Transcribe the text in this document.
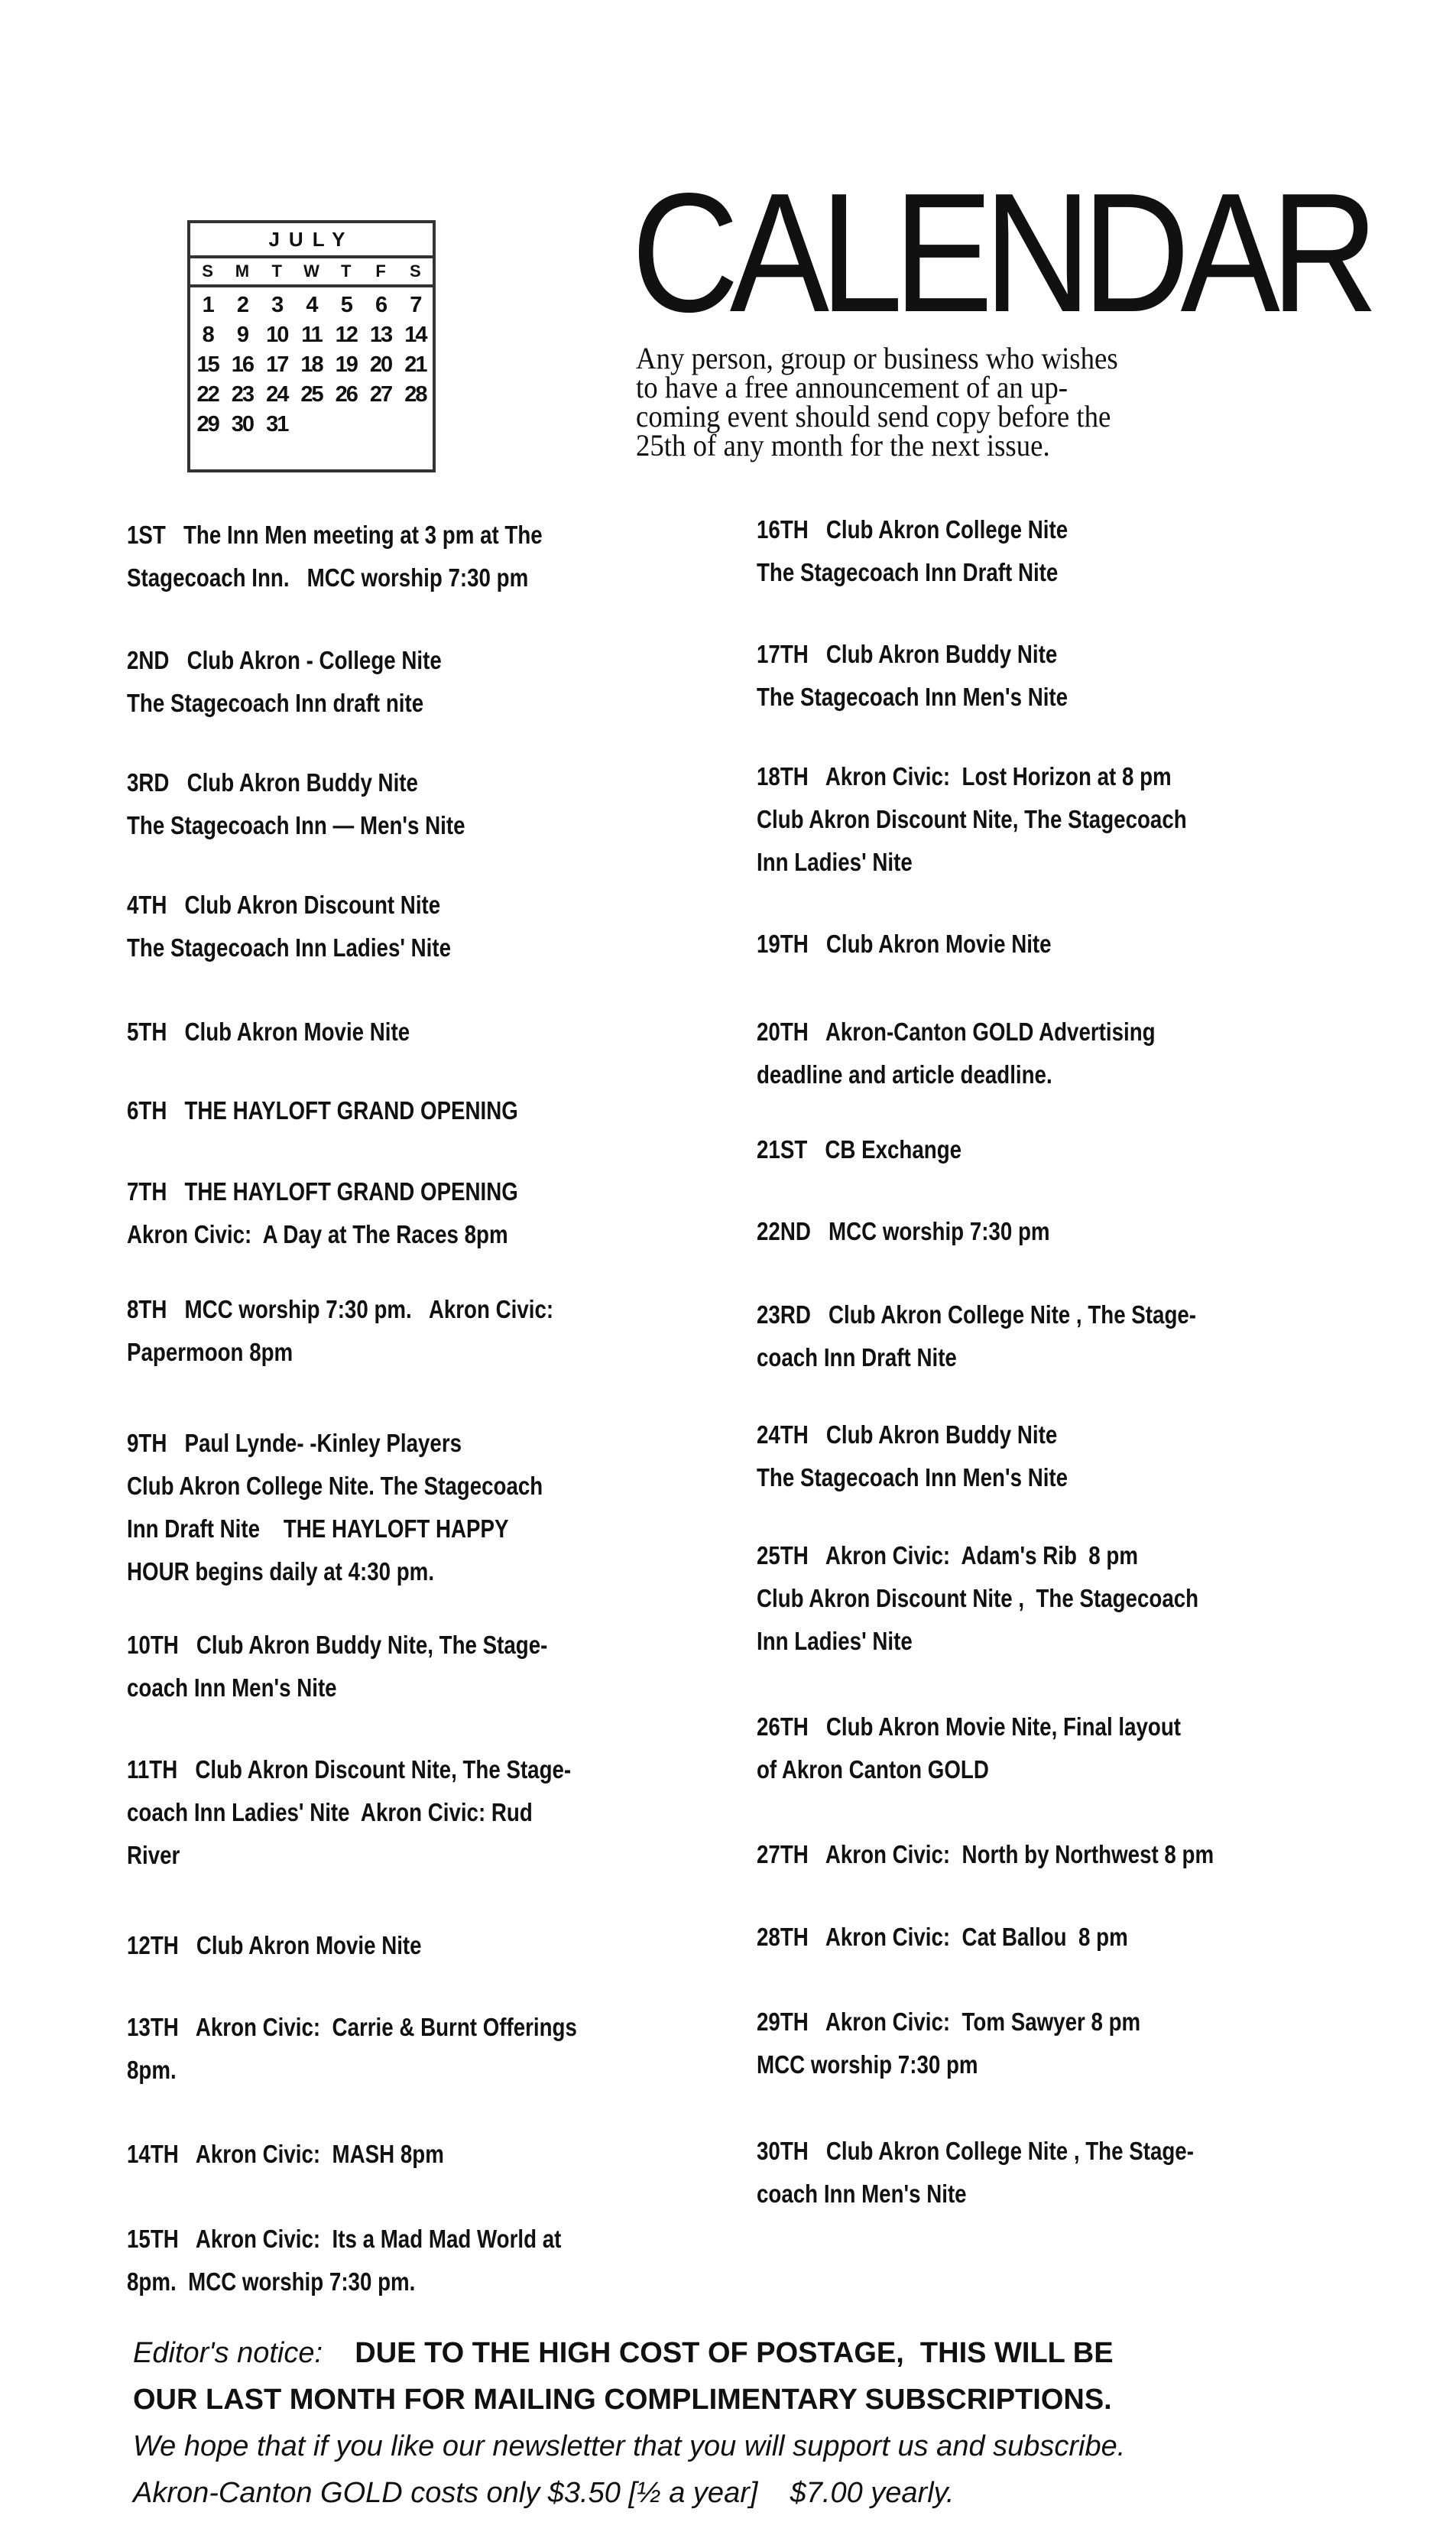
JULY
S	M	T	W	T	F	S
1	2	3	4	5	6	7
8	9 10 11 12 13 14
15 16 17 18 19 20 21
22 23 24 25 26 27 28
29 30 31
CALENDAR
Any person, group or business who wishes
to have a free announcement of an up-
coming event should send copy before the
25th of any month for the next issue.
1ST The Inn Men meeting at 3 pm at The
Stagecoach Inn.   MCC worship 7:30 pm
2ND Club Akron - College Nite
The Stagecoach Inn draft nite
3RD Club Akron Buddy Nite
The Stagecoach Inn — Men's Nite
4TH Club Akron Discount Nite
The Stagecoach Inn Ladies' Nite
5TH Club Akron Movie Nite
6TH THE HAYLOFT GRAND OPENING
7TH THE HAYLOFT GRAND OPENING
Akron Civic:  A Day at The Races 8pm
8TH MCC worship 7:30 pm.   Akron Civic:
Papermoon 8pm
9TH Paul Lynde- -Kinley Players
Club Akron College Nite. The Stagecoach
Inn Draft Nite    THE HAYLOFT HAPPY
HOUR begins daily at 4:30 pm.
10TH Club Akron Buddy Nite, The Stage-
coach Inn Men's Nite
11TH Club Akron Discount Nite, The Stage-
coach Inn Ladies' Nite  Akron Civic: Rud
River
12TH Club Akron Movie Nite
13TH Akron Civic:  Carrie & Burnt Offerings
8pm.
14TH Akron Civic:  MASH 8pm
15TH Akron Civic:  Its a Mad Mad World at
8pm.  MCC worship 7:30 pm.
16TH Club Akron College Nite
The Stagecoach Inn Draft Nite
17TH Club Akron Buddy Nite
The Stagecoach Inn Men's Nite
18TH Akron Civic:  Lost Horizon at 8 pm
Club Akron Discount Nite, The Stagecoach
Inn Ladies' Nite
19TH Club Akron Movie Nite
20TH Akron-Canton GOLD Advertising
deadline and article deadline.
21ST CB Exchange
22ND MCC worship 7:30 pm
23RD Club Akron College Nite , The Stage-
coach Inn Draft Nite
24TH Club Akron Buddy Nite
The Stagecoach Inn Men's Nite
25TH Akron Civic:  Adam's Rib  8 pm
Club Akron Discount Nite ,  The Stagecoach
Inn Ladies' Nite
26TH Club Akron Movie Nite, Final layout
of Akron Canton GOLD
27TH Akron Civic:  North by Northwest 8 pm
28TH Akron Civic:  Cat Ballou  8 pm
29TH Akron Civic:  Tom Sawyer 8 pm
MCC worship 7:30 pm
30TH Club Akron College Nite , The Stage-
coach Inn Men's Nite
Editor's notice: DUE TO THE HIGH COST OF POSTAGE,  THIS WILL BE
OUR LAST MONTH FOR MAILING COMPLIMENTARY SUBSCRIPTIONS.
We hope that if you like our newsletter that you will support us and subscribe.
Akron-Canton GOLD costs only $3.50 [½ a year]    $7.00 yearly.
